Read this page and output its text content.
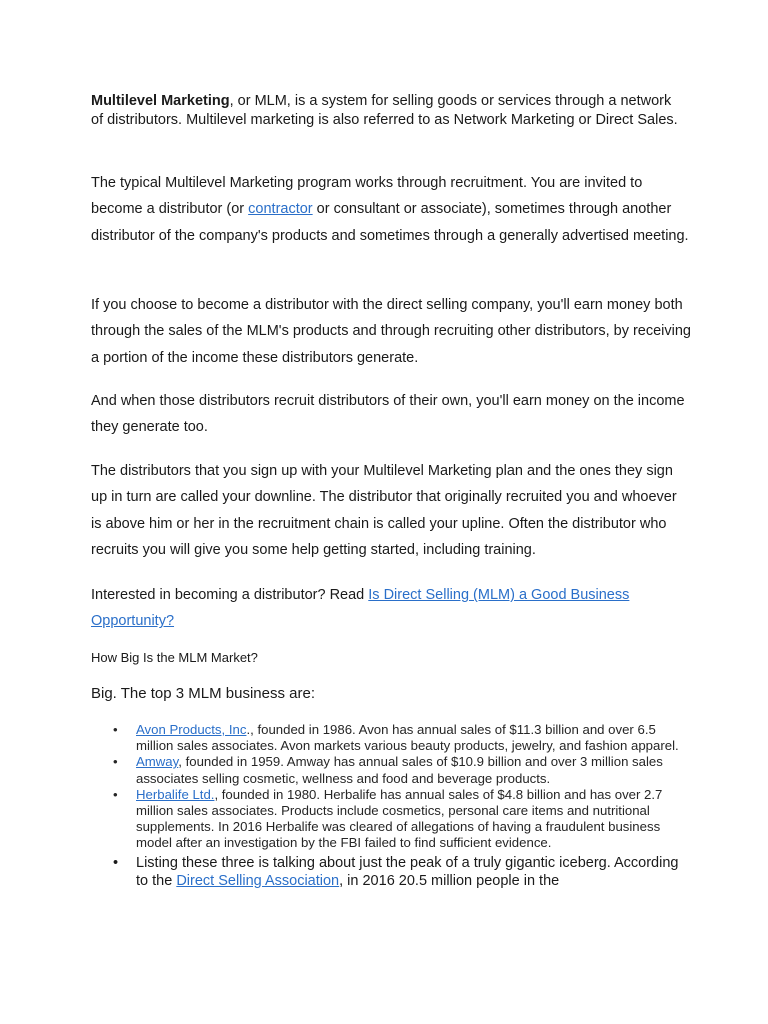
Multilevel Marketing, or MLM, is a system for selling goods or services through a network of distributors. Multilevel marketing is also referred to as Network Marketing or Direct Sales.

The typical Multilevel Marketing program works through recruitment. You are invited to become a distributor (or contractor or consultant or associate), sometimes through another distributor of the company's products and sometimes through a generally advertised meeting.

If you choose to become a distributor with the direct selling company, you'll earn money both through the sales of the MLM's products and through recruiting other distributors, by receiving a portion of the income these distributors generate.

And when those distributors recruit distributors of their own, you'll earn money on the income they generate too.

The distributors that you sign up with your Multilevel Marketing plan and the ones they sign up in turn are called your downline. The distributor that originally recruited you and whoever is above him or her in the recruitment chain is called your upline. Often the distributor who recruits you will give you some help getting started, including training.

Interested in becoming a distributor? Read Is Direct Selling (MLM) a Good Business Opportunity?

How Big Is the MLM Market?

Big. The top 3 MLM business are:

• Avon Products, Inc., founded in 1986. Avon has annual sales of $11.3 billion and over 6.5 million sales associates. Avon markets various beauty products, jewelry, and fashion apparel.
• Amway, founded in 1959. Amway has annual sales of $10.9 billion and over 3 million sales associates selling cosmetic, wellness and food and beverage products.
• Herbalife Ltd., founded in 1980. Herbalife has annual sales of $4.8 billion and has over 2.7 million sales associates. Products include cosmetics, personal care items and nutritional supplements. In 2016 Herbalife was cleared of allegations of having a fraudulent business model after an investigation by the FBI failed to find sufficient evidence.
• Listing these three is talking about just the peak of a truly gigantic iceberg. According to the Direct Selling Association, in 2016 20.5 million people in the
